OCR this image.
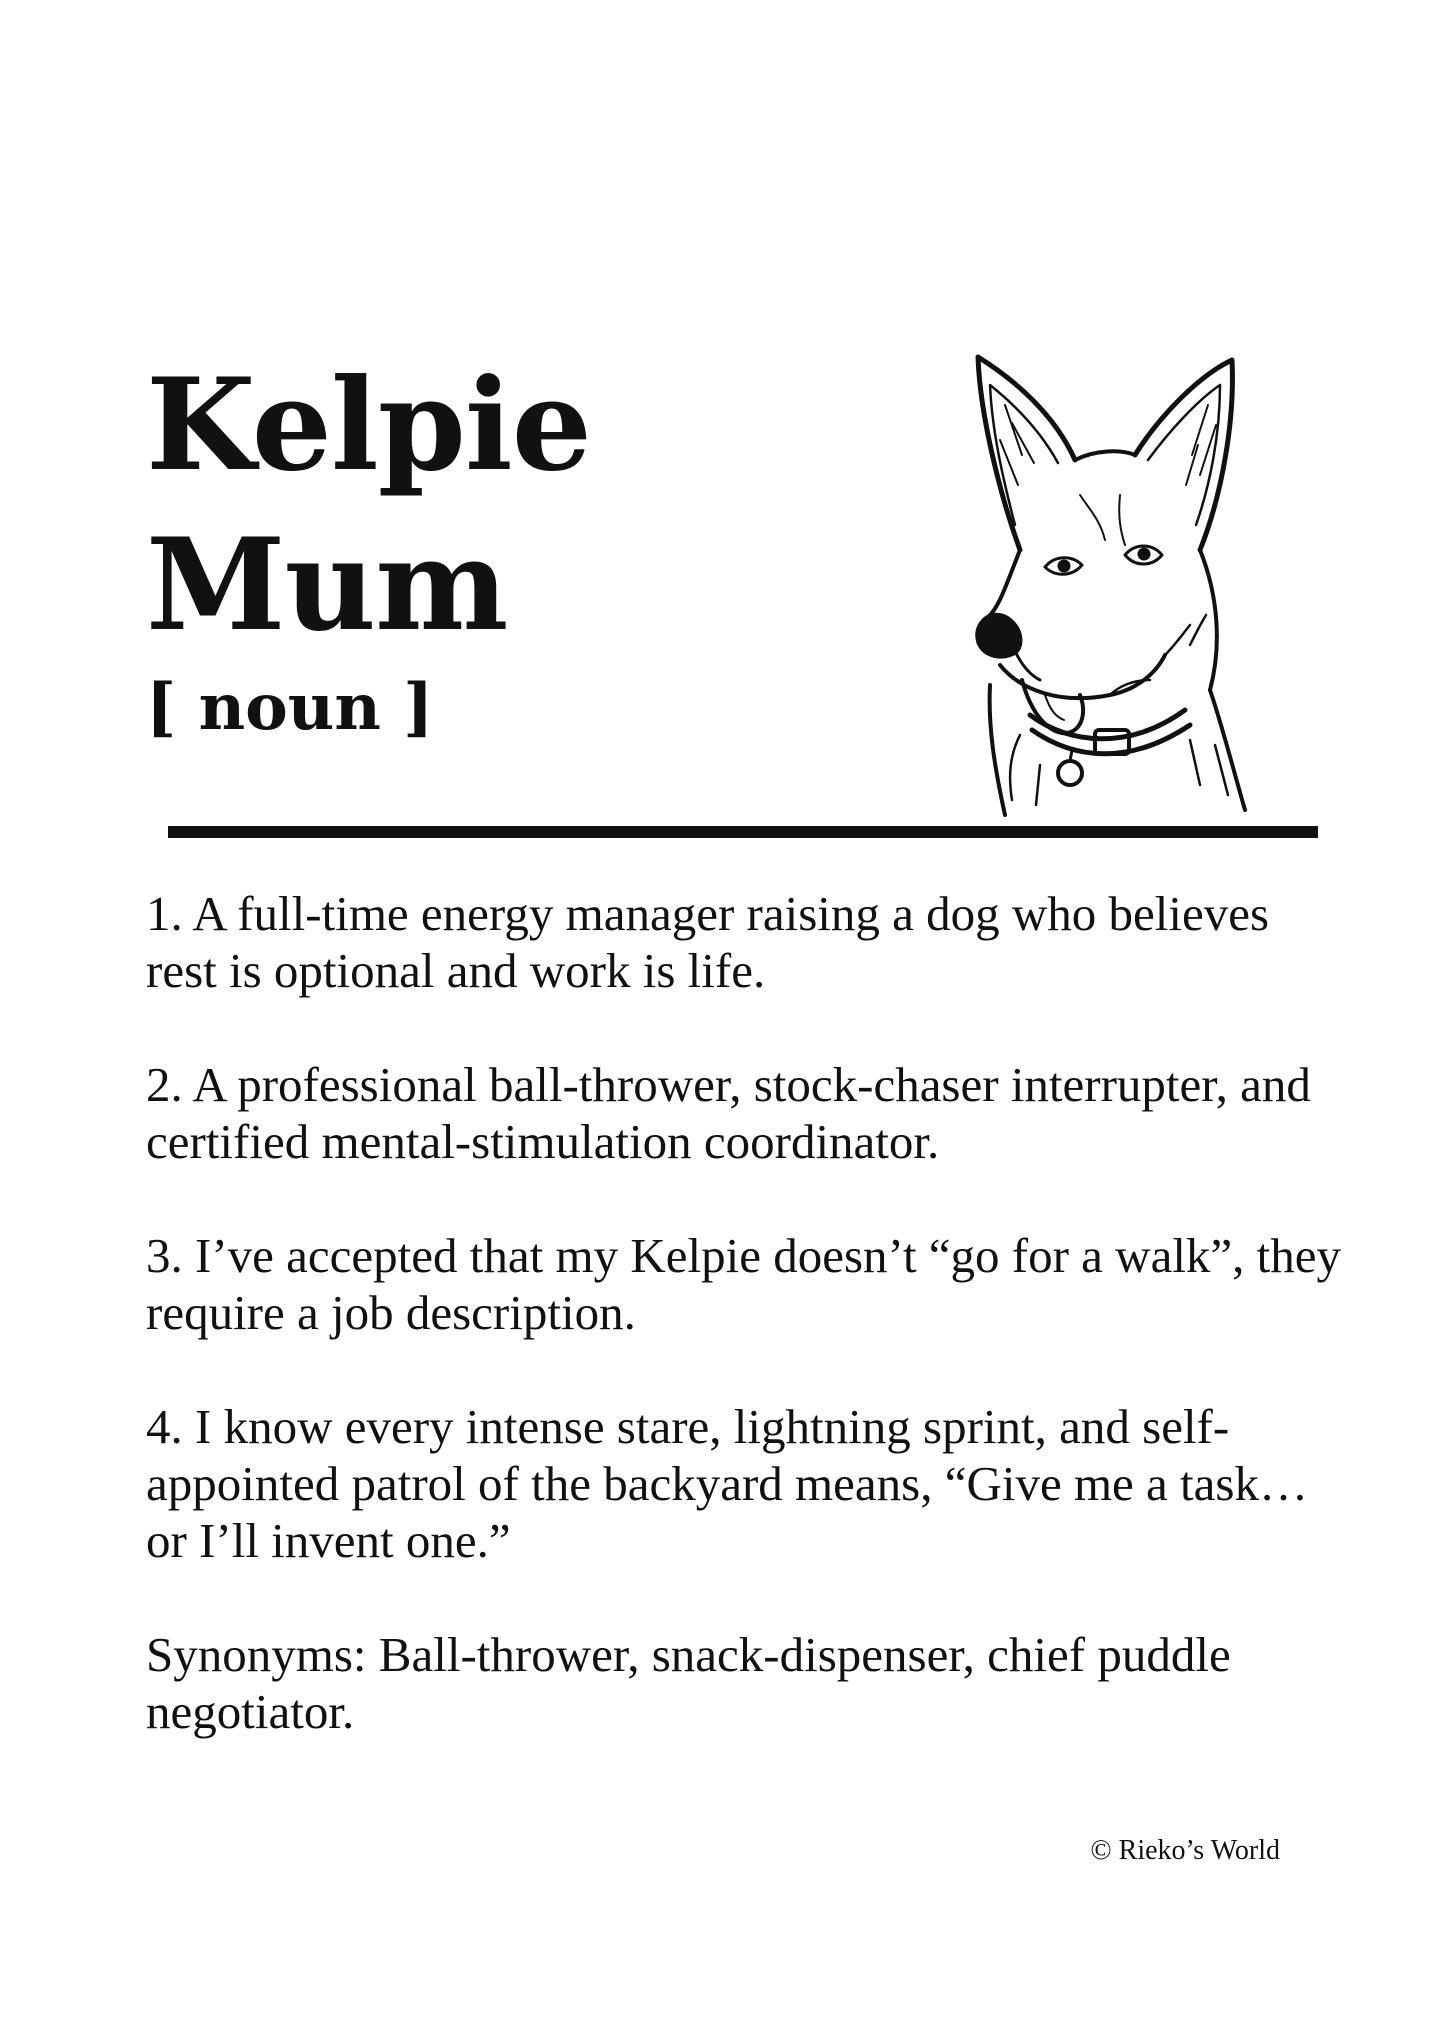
Kelpie
Mum
[ noun ]

1. A full-time energy manager raising a dog who believes rest is optional and work is life.

2. A professional ball-thrower, stock-chaser interrupter, and certified mental-stimulation coordinator.

3. I’ve accepted that my Kelpie doesn’t “go for a walk”, they require a job description.

4. I know every intense stare, lightning sprint, and self-appointed patrol of the backyard means, “Give me a task… or I’ll invent one.”

Synonyms: Ball-thrower, snack-dispenser, chief puddle negotiator.

© Rieko’s World
